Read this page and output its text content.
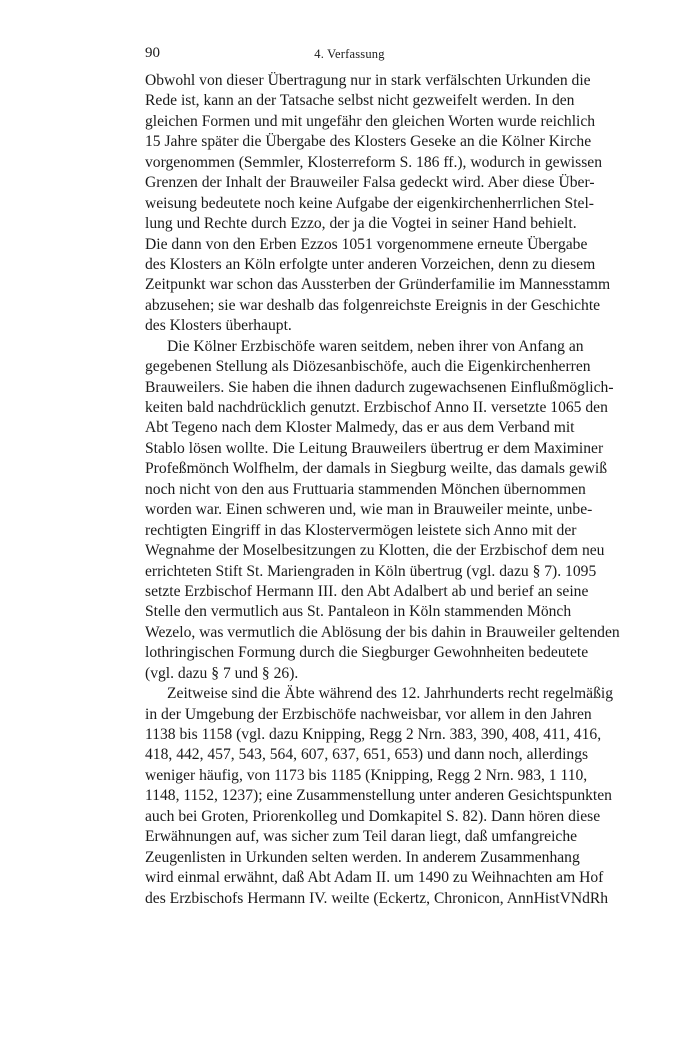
90	4. Verfassung
Obwohl von dieser Übertragung nur in stark verfälschten Urkunden die
Rede ist, kann an der Tatsache selbst nicht gezweifelt werden. In den
gleichen Formen und mit ungefähr den gleichen Worten wurde reichlich
15 Jahre später die Übergabe des Klosters Geseke an die Kölner Kirche
vorgenommen (Semmler, Klosterreform S. 186 ff.), wodurch in gewissen
Grenzen der Inhalt der Brauweiler Falsa gedeckt wird. Aber diese Über-
weisung bedeutete noch keine Aufgabe der eigenkirchenherrlichen Stel-
lung und Rechte durch Ezzo, der ja die Vogtei in seiner Hand behielt.
Die dann von den Erben Ezzos 1051 vorgenommene erneute Übergabe
des Klosters an Köln erfolgte unter anderen Vorzeichen, denn zu diesem
Zeitpunkt war schon das Aussterben der Gründerfamilie im Mannesstamm
abzusehen; sie war deshalb das folgenreichste Ereignis in der Geschichte
des Klosters überhaupt.
Die Kölner Erzbischöfe waren seitdem, neben ihrer von Anfang an
gegebenen Stellung als Diözesanbischöfe, auch die Eigenkirchenherren
Brauweilers. Sie haben die ihnen dadurch zugewachsenen Einflußmöglich-
keiten bald nachdrücklich genutzt. Erzbischof Anno II. versetzte 1065 den
Abt Tegeno nach dem Kloster Malmedy, das er aus dem Verband mit
Stablo lösen wollte. Die Leitung Brauweilers übertrug er dem Maximiner
Profeßmönch Wolfhelm, der damals in Siegburg weilte, das damals gewiß
noch nicht von den aus Fruttuaria stammenden Mönchen übernommen
worden war. Einen schweren und, wie man in Brauweiler meinte, unbe-
rechtigten Eingriff in das Klostervermögen leistete sich Anno mit der
Wegnahme der Moselbesitzungen zu Klotten, die der Erzbischof dem neu
errichteten Stift St. Mariengraden in Köln übertrug (vgl. dazu § 7). 1095
setzte Erzbischof Hermann III. den Abt Adalbert ab und berief an seine
Stelle den vermutlich aus St. Pantaleon in Köln stammenden Mönch
Wezelo, was vermutlich die Ablösung der bis dahin in Brauweiler geltenden
lothringischen Formung durch die Siegburger Gewohnheiten bedeutete
(vgl. dazu § 7 und § 26).
Zeitweise sind die Äbte während des 12. Jahrhunderts recht regelmäßig
in der Umgebung der Erzbischöfe nachweisbar, vor allem in den Jahren
1138 bis 1158 (vgl. dazu Knipping, Regg 2 Nrn. 383, 390, 408, 411, 416,
418, 442, 457, 543, 564, 607, 637, 651, 653) und dann noch, allerdings
weniger häufig, von 1173 bis 1185 (Knipping, Regg 2 Nrn. 983, 1 110,
1148, 1152, 1237); eine Zusammenstellung unter anderen Gesichtspunkten
auch bei Groten, Priorenkolleg und Domkapitel S. 82). Dann hören diese
Erwähnungen auf, was sicher zum Teil daran liegt, daß umfangreiche
Zeugenlisten in Urkunden selten werden. In anderem Zusammenhang
wird einmal erwähnt, daß Abt Adam II. um 1490 zu Weihnachten am Hof
des Erzbischofs Hermann IV. weilte (Eckertz, Chronicon, AnnHistVNdRh
